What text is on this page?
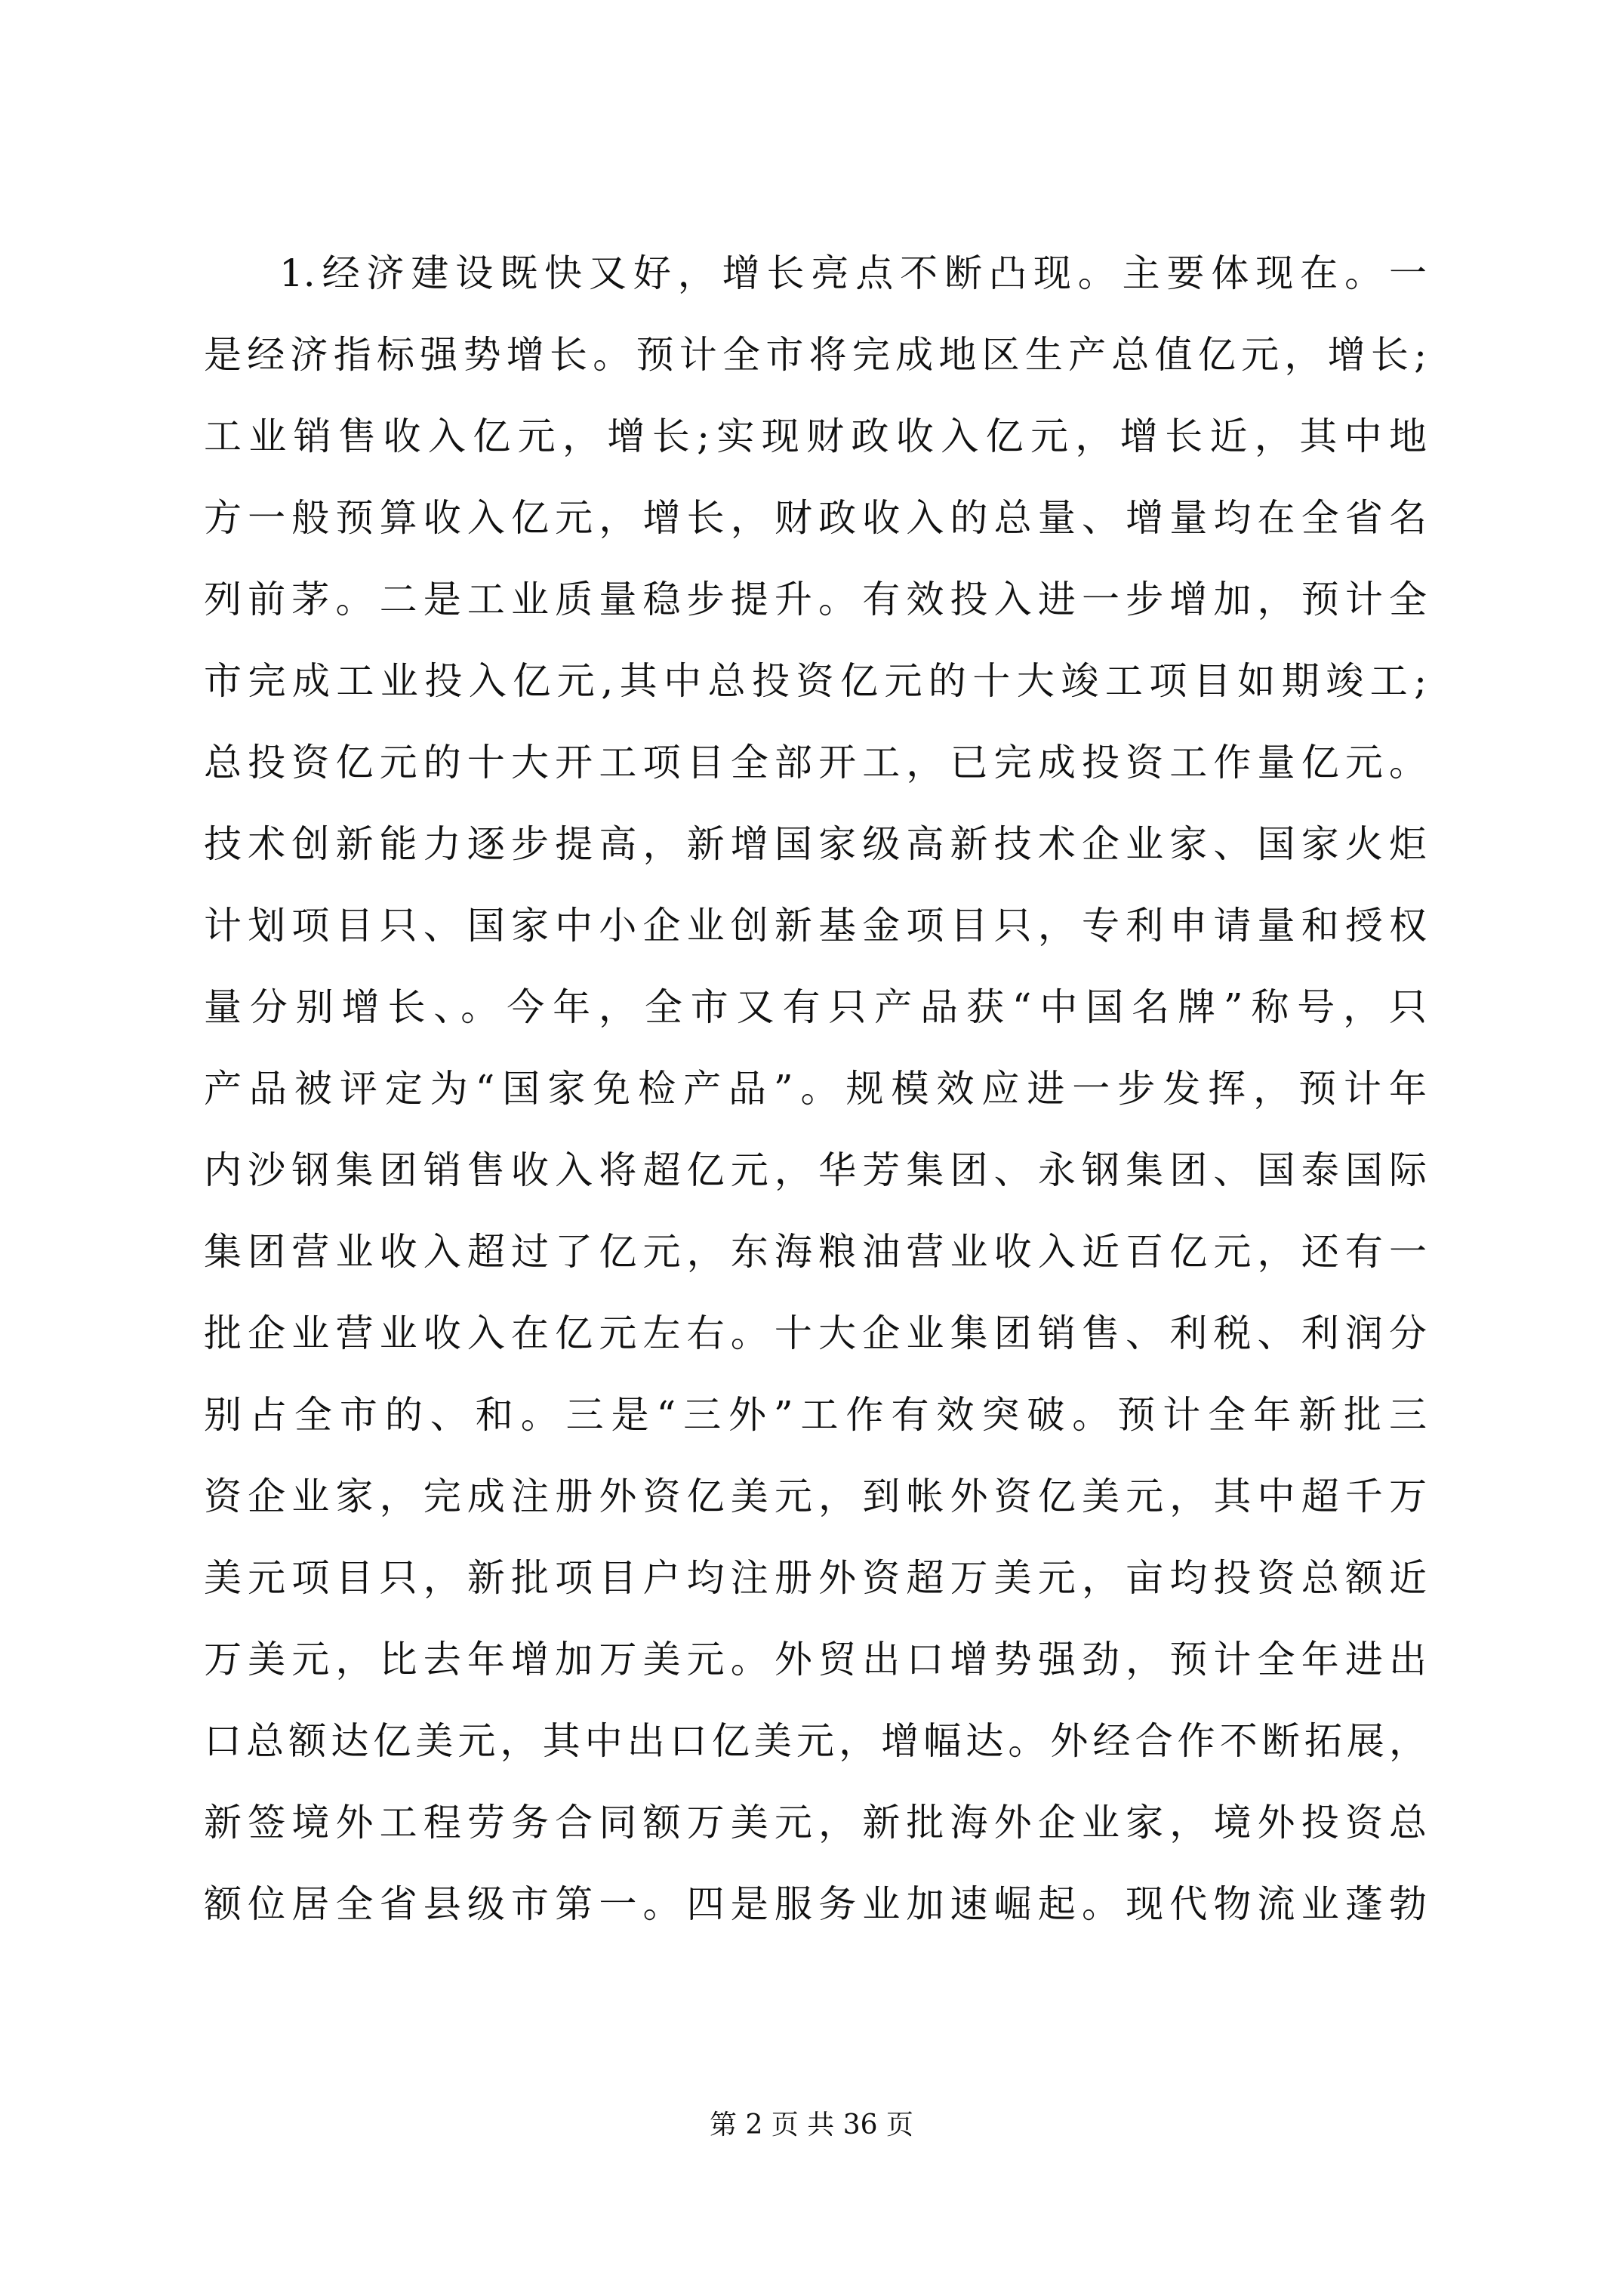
1.经济建设既快又好，增长亮点不断凸现。主要体现在。一
是经济指标强势增长。预计全市将完成地区生产总值亿元，增长;
工业销售收入亿元，增长;实现财政收入亿元，增长近，其中地
方一般预算收入亿元，增长，财政收入的总量、增量均在全省名
列前茅。二是工业质量稳步提升。有效投入进一步增加，预计全
市完成工业投入亿元,其中总投资亿元的十大竣工项目如期竣工;
总投资亿元的十大开工项目全部开工，已完成投资工作量亿元。
技术创新能力逐步提高，新增国家级高新技术企业家、国家火炬
计划项目只、国家中小企业创新基金项目只，专利申请量和授权
量分别增长、。今年，全市又有只产品获“中国名牌”称号，只
产品被评定为“国家免检产品”。规模效应进一步发挥，预计年
内沙钢集团销售收入将超亿元，华芳集团、永钢集团、国泰国际
集团营业收入超过了亿元，东海粮油营业收入近百亿元，还有一
批企业营业收入在亿元左右。十大企业集团销售、利税、利润分
别占全市的、和。三是“三外”工作有效突破。预计全年新批三
资企业家，完成注册外资亿美元，到帐外资亿美元，其中超千万
美元项目只，新批项目户均注册外资超万美元，亩均投资总额近
万美元，比去年增加万美元。外贸出口增势强劲，预计全年进出
口总额达亿美元，其中出口亿美元，增幅达。外经合作不断拓展，
新签境外工程劳务合同额万美元，新批海外企业家，境外投资总
额位居全省县级市第一。四是服务业加速崛起。现代物流业蓬勃
第 2 页 共 36 页
